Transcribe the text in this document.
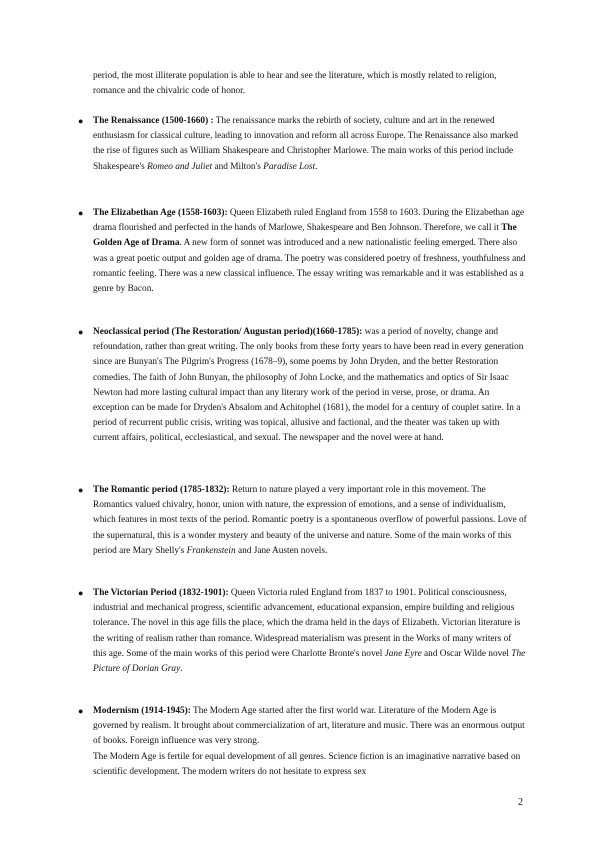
period, the most illiterate population is able to hear and see the literature, which is mostly related to religion, romance and the chivalric code of honor.

● The Renaissance (1500-1660) : The renaissance marks the rebirth of society, culture and art in the renewed enthusiasm for classical culture, leading to innovation and reform all across Europe. The Renaissance also marked the rise of figures such as William Shakespeare and Christopher Marlowe. The main works of this period include Shakespeare's Romeo and Juliet and Milton's Paradise Lost.

● The Elizabethan Age (1558-1603): Queen Elizabeth ruled England from 1558 to 1603. During the Elizabethan age drama flourished and perfected in the hands of Marlowe, Shakespeare and Ben Johnson. Therefore, we call it The Golden Age of Drama. A new form of sonnet was introduced and a new nationalistic feeling emerged. There also was a great poetic output and golden age of drama. The poetry was considered poetry of freshness, youthfulness and romantic feeling. There was a new classical influence. The essay writing was remarkable and it was established as a genre by Bacon.

● Neoclassical period (The Restoration/ Augustan period)(1660-1785): was a period of novelty, change and refoundation, rather than great writing. The only books from these forty years to have been read in every generation since are Bunyan's The Pilgrim's Progress (1678–9), some poems by John Dryden, and the better Restoration comedies. The faith of John Bunyan, the philosophy of John Locke, and the mathematics and optics of Sir Isaac Newton had more lasting cultural impact than any literary work of the period in verse, prose, or drama. An exception can be made for Dryden's Absalom and Achitophel (1681), the model for a century of couplet satire. In a period of recurrent public crisis, writing was topical, allusive and factional, and the theater was taken up with current affairs, political, ecclesiastical, and sexual. The newspaper and the novel were at hand.

● The Romantic period (1785-1832): Return to nature played a very important role in this movement. The Romantics valued chivalry, honor, union with nature, the expression of emotions, and a sense of individualism, which features in most texts of the period. Romantic poetry is a spontaneous overflow of powerful passions. Love of the supernatural, this is a wonder mystery and beauty of the universe and nature. Some of the main works of this period are Mary Shelly's Frankenstein and Jane Austen novels.

● The Victorian Period (1832-1901): Queen Victoria ruled England from 1837 to 1901. Political consciousness, industrial and mechanical progress, scientific advancement, educational expansion, empire building and religious tolerance. The novel in this age fills the place, which the drama held in the days of Elizabeth. Victorian literature is the writing of realism rather than romance. Widespread materialism was present in the Works of many writers of this age. Some of the main works of this period were Charlotte Bronte's novel Jane Eyre and Oscar Wilde novel The Picture of Dorian Gray.

● Modernism (1914-1945): The Modern Age started after the first world war. Literature of the Modern Age is governed by realism. It brought about commercialization of art, literature and music. There was an enormous output of books. Foreign influence was very strong.

The Modern Age is fertile for equal development of all genres. Science fiction is an imaginative narrative based on scientific development. The modern writers do not hesitate to express sex

2
